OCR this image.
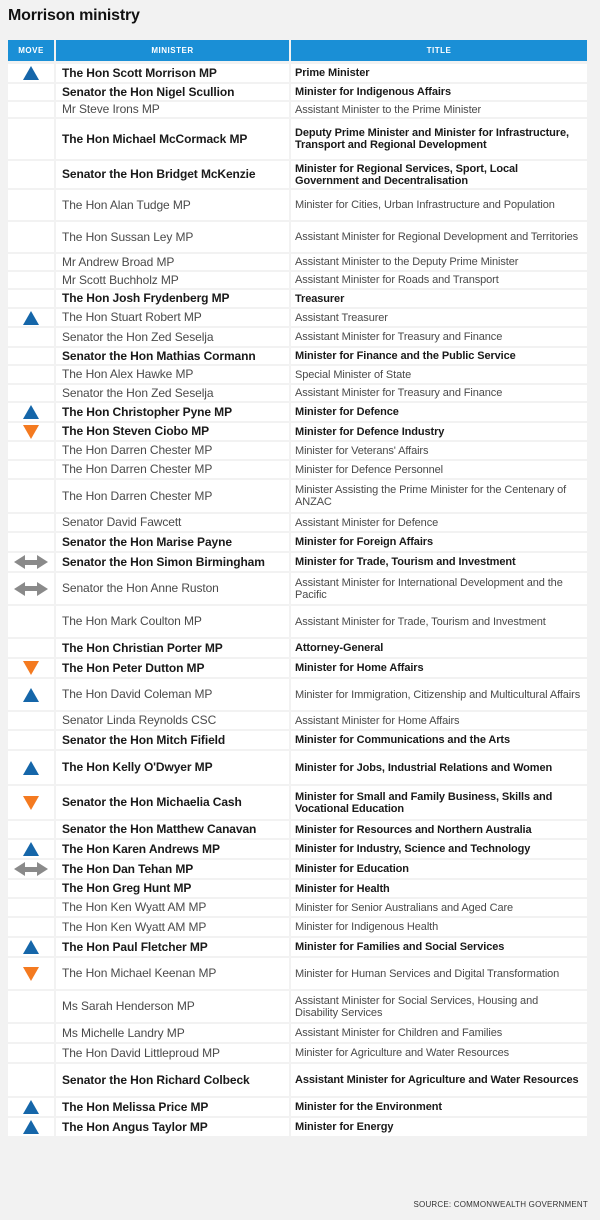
Morrison ministry
MOVE	MINISTER	TITLE
The Hon Scott Morrison MP	Prime Minister
Senator the Hon Nigel Scullion	Minister for Indigenous Affairs
Mr Steve Irons MP	Assistant Minister to the Prime Minister
The Hon Michael McCormack MP	Deputy Prime Minister and Minister for Infrastructure, Transport and Regional Development
Senator the Hon Bridget McKenzie	Minister for Regional Services, Sport, Local Government and Decentralisation
The Hon Alan Tudge MP	Minister for Cities, Urban Infrastructure and Population
The Hon Sussan Ley MP	Assistant Minister for Regional Development and Territories
Mr Andrew Broad MP	Assistant Minister to the Deputy Prime Minister
Mr Scott Buchholz MP	Assistant Minister for Roads and Transport
The Hon Josh Frydenberg MP	Treasurer
The Hon Stuart Robert MP	Assistant Treasurer
Senator the Hon Zed Seselja	Assistant Minister for Treasury and Finance
Senator the Hon Mathias Cormann	Minister for Finance and the Public Service
The Hon Alex Hawke MP	Special Minister of State
Senator the Hon Zed Seselja	Assistant Minister for Treasury and Finance
The Hon Christopher Pyne MP	Minister for Defence
The Hon Steven Ciobo MP	Minister for Defence Industry
The Hon Darren Chester MP	Minister for Veterans' Affairs
The Hon Darren Chester MP	Minister for Defence Personnel
The Hon Darren Chester MP	Minister Assisting the Prime Minister for the Centenary of ANZAC
Senator David Fawcett	Assistant Minister for Defence
Senator the Hon Marise Payne	Minister for Foreign Affairs
Senator the Hon Simon Birmingham	Minister for Trade, Tourism and Investment
Senator the Hon Anne Ruston	Assistant Minister for International Development and the Pacific
The Hon Mark Coulton MP	Assistant Minister for Trade, Tourism and Investment
The Hon Christian Porter MP	Attorney-General
The Hon Peter Dutton MP	Minister for Home Affairs
The Hon David Coleman MP	Minister for Immigration, Citizenship and Multicultural Affairs
Senator Linda Reynolds CSC	Assistant Minister for Home Affairs
Senator the Hon Mitch Fifield	Minister for Communications and the Arts
The Hon Kelly O'Dwyer MP	Minister for Jobs, Industrial Relations and Women
Senator the Hon Michaelia Cash	Minister for Small and Family Business, Skills and Vocational Education
Senator the Hon Matthew Canavan	Minister for Resources and Northern Australia
The Hon Karen Andrews MP	Minister for Industry, Science and Technology
The Hon Dan Tehan MP	Minister for Education
The Hon Greg Hunt MP	Minister for Health
The Hon Ken Wyatt AM MP	Minister for Senior Australians and Aged Care
The Hon Ken Wyatt AM MP	Minister for Indigenous Health
The Hon Paul Fletcher MP	Minister for Families and Social Services
The Hon Michael Keenan MP	Minister for Human Services and Digital Transformation
Ms Sarah Henderson MP	Assistant Minister for Social Services, Housing and Disability Services
Ms Michelle Landry MP	Assistant Minister for Children and Families
The Hon David Littleproud MP	Minister for Agriculture and Water Resources
Senator the Hon Richard Colbeck	Assistant Minister for Agriculture and Water Resources
The Hon Melissa Price MP	Minister for the Environment
The Hon Angus Taylor MP	Minister for Energy
SOURCE: COMMONWEALTH GOVERNMENT
